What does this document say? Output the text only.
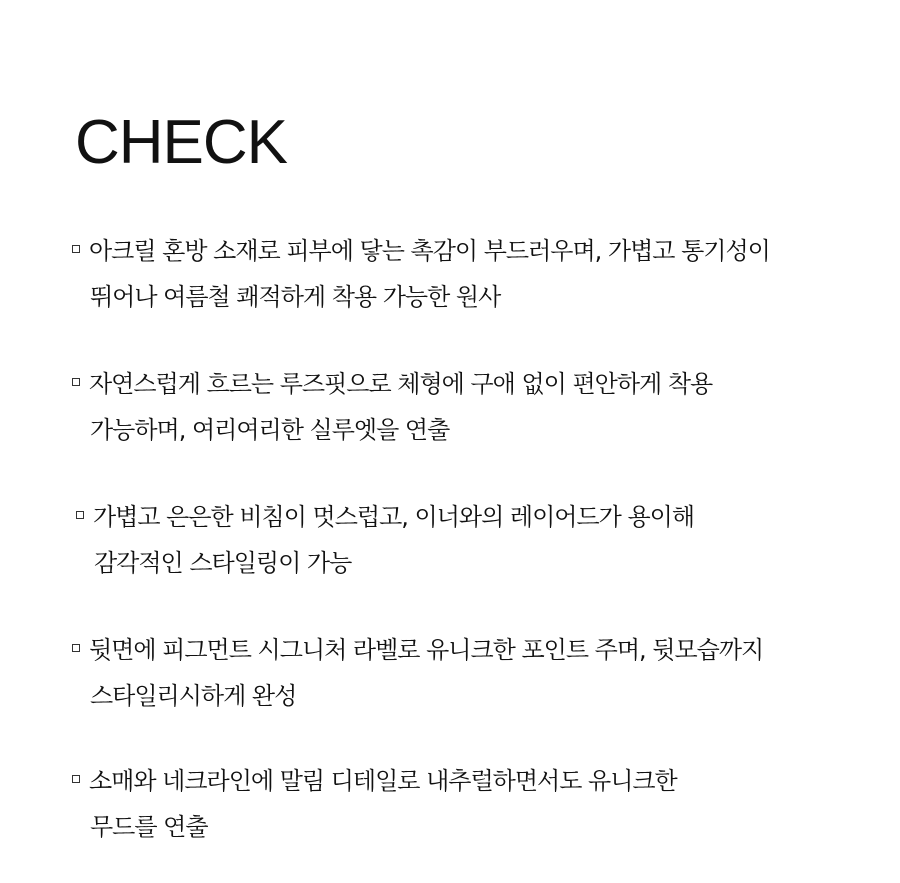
CHECK
아크릴 혼방 소재로 피부에 닿는 촉감이 부드러우며, 가볍고 통기성이
뛰어나 여름철 쾌적하게 착용 가능한 원사
자연스럽게 흐르는 루즈핏으로 체형에 구애 없이 편안하게 착용
가능하며, 여리여리한 실루엣을 연출
가볍고 은은한 비침이 멋스럽고, 이너와의 레이어드가 용이해
감각적인 스타일링이 가능
뒷면에 피그먼트 시그니처 라벨로 유니크한 포인트 주며, 뒷모습까지
스타일리시하게 완성
소매와 네크라인에 말림 디테일로 내추럴하면서도 유니크한
무드를 연출
